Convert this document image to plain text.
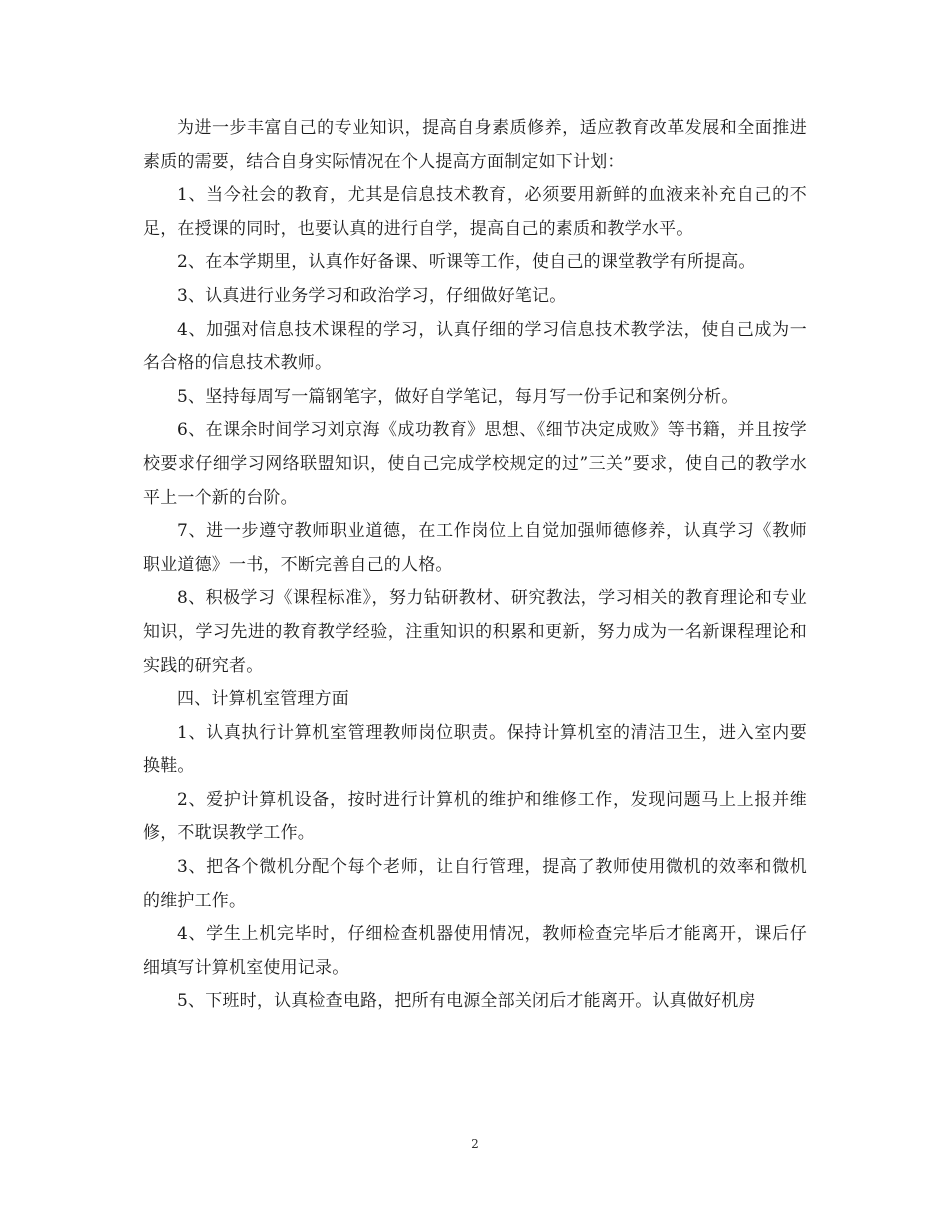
为进一步丰富自己的专业知识，提高自身素质修养，适应教育改革发展和全面推进素质的需要，结合自身实际情况在个人提高方面制定如下计划：

1、当今社会的教育，尤其是信息技术教育，必须要用新鲜的血液来补充自己的不足，在授课的同时，也要认真的进行自学，提高自己的素质和教学水平。

2、在本学期里，认真作好备课、听课等工作，使自己的课堂教学有所提高。

3、认真进行业务学习和政治学习，仔细做好笔记。

4、加强对信息技术课程的学习，认真仔细的学习信息技术教学法，使自己成为一名合格的信息技术教师。

5、坚持每周写一篇钢笔字，做好自学笔记，每月写一份手记和案例分析。

6、在课余时间学习刘京海《成功教育》思想、《细节决定成败》等书籍，并且按学校要求仔细学习网络联盟知识，使自己完成学校规定的过”三关”要求，使自己的教学水平上一个新的台阶。

7、进一步遵守教师职业道德，在工作岗位上自觉加强师德修养，认真学习《教师职业道德》一书，不断完善自己的人格。

8、积极学习《课程标准》，努力钻研教材、研究教法，学习相关的教育理论和专业知识，学习先进的教育教学经验，注重知识的积累和更新，努力成为一名新课程理论和实践的研究者。

四、计算机室管理方面

1、认真执行计算机室管理教师岗位职责。保持计算机室的清洁卫生，进入室内要换鞋。

2、爱护计算机设备，按时进行计算机的维护和维修工作，发现问题马上上报并维修，不耽误教学工作。

3、把各个微机分配个每个老师，让自行管理，提高了教师使用微机的效率和微机的维护工作。

4、学生上机完毕时，仔细检查机器使用情况，教师检查完毕后才能离开，课后仔细填写计算机室使用记录。

5、下班时，认真检查电路，把所有电源全部关闭后才能离开。认真做好机房

2
